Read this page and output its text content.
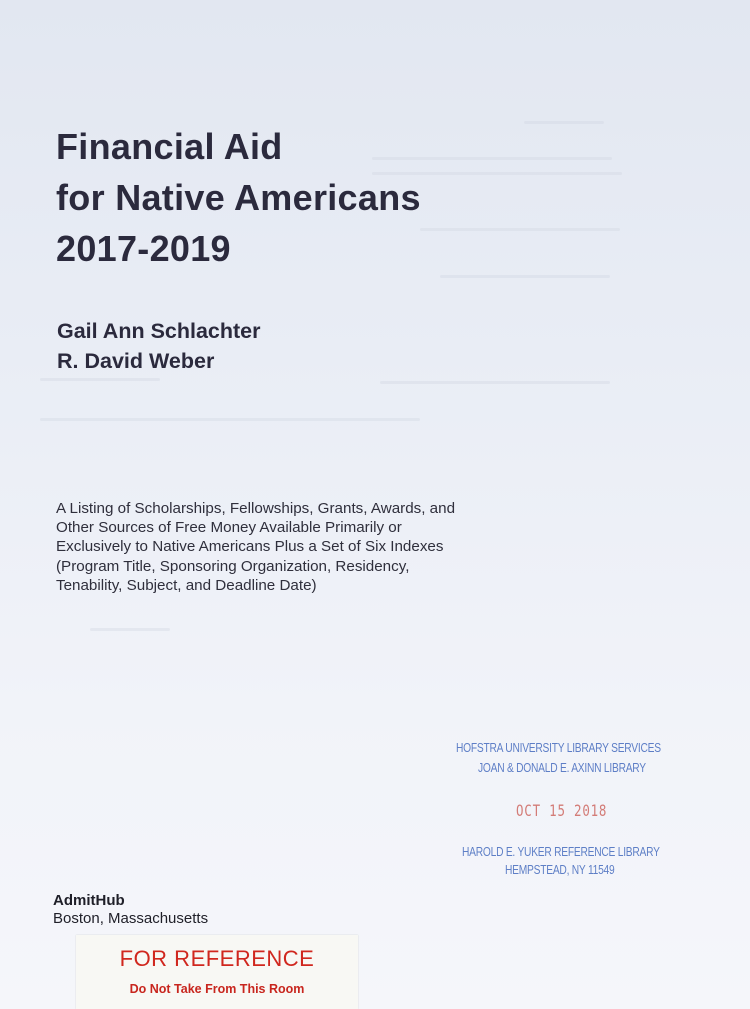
Financial Aid
for Native Americans
2017-2019
Gail Ann Schlachter
R. David Weber
A Listing of Scholarships, Fellowships, Grants, Awards, and
Other Sources of Free Money Available Primarily or
Exclusively to Native Americans Plus a Set of Six Indexes
(Program Title, Sponsoring Organization, Residency,
Tenability, Subject, and Deadline Date)
HOFSTRA UNIVERSITY LIBRARY SERVICES
JOAN & DONALD E. AXINN LIBRARY
OCT 15 2018
HAROLD E. YUKER REFERENCE LIBRARY
HEMPSTEAD, NY 11549
AdmitHub
Boston, Massachusetts
FOR REFERENCE
Do Not Take From This Room
